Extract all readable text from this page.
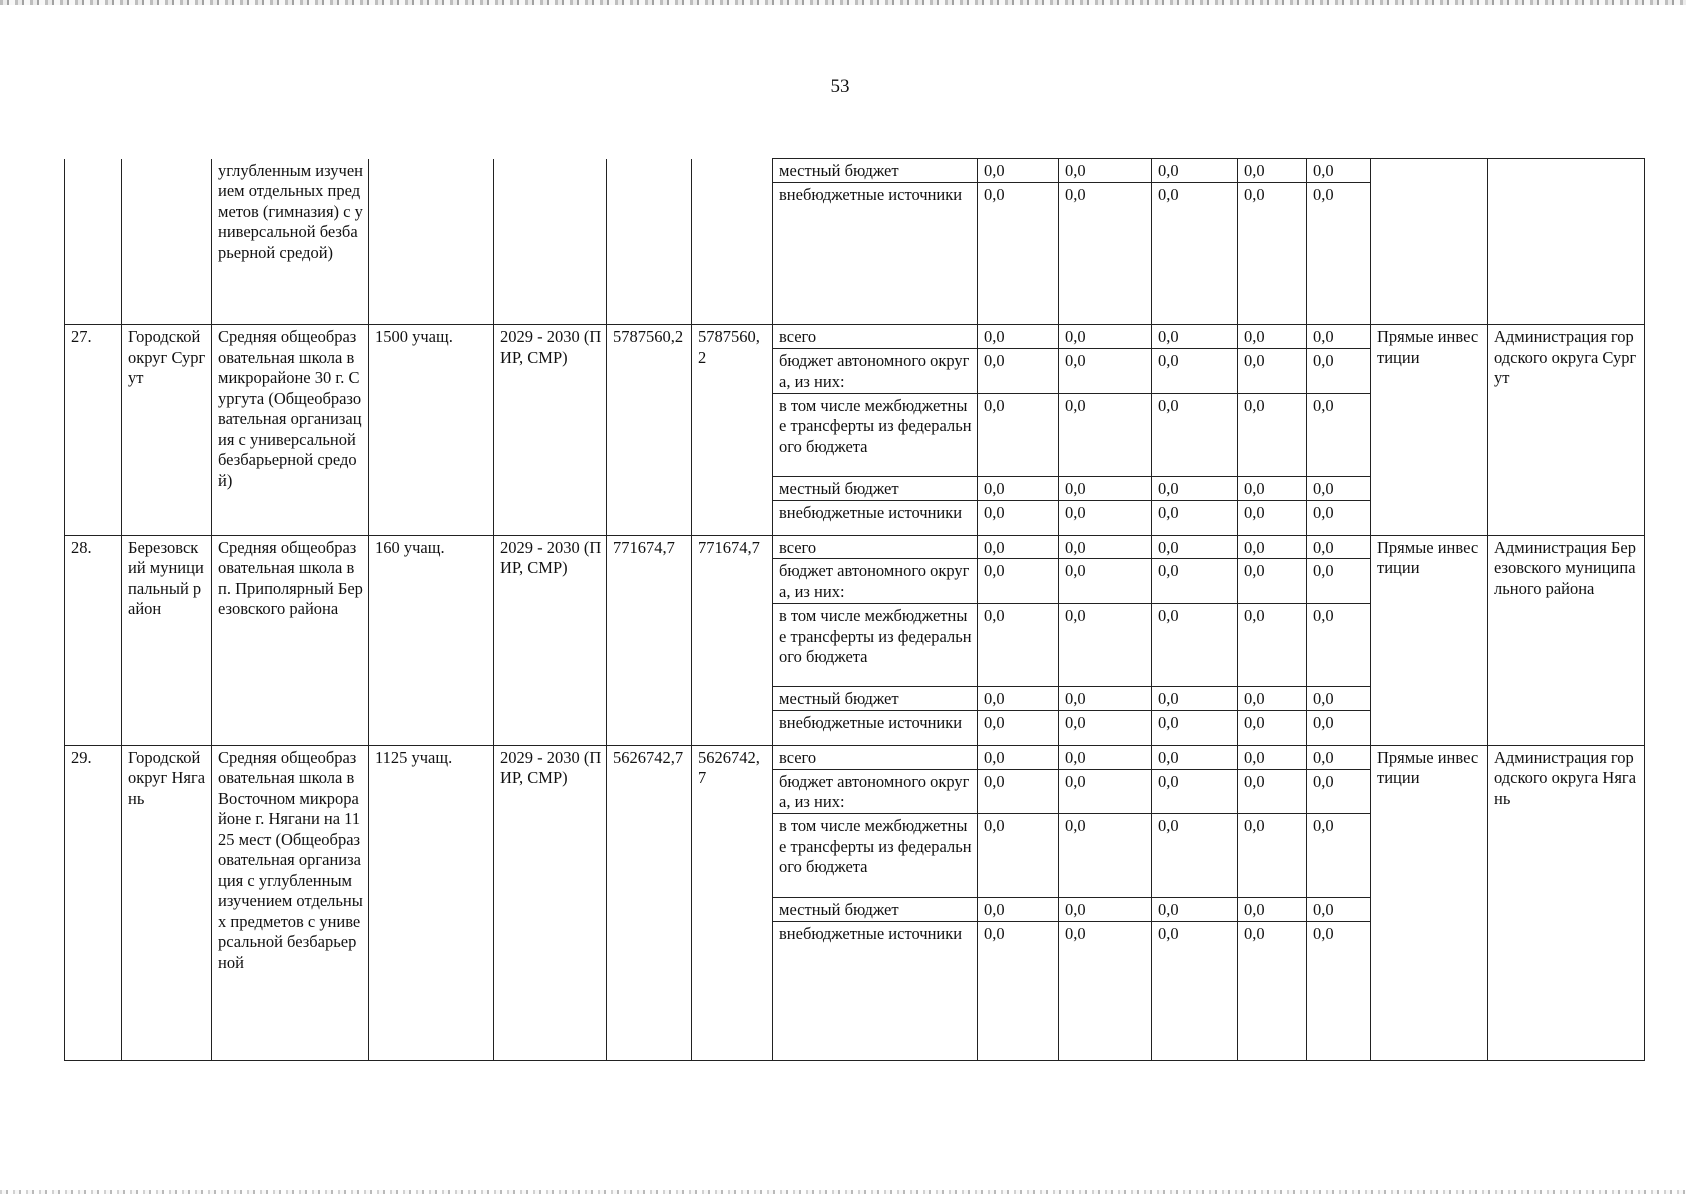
53
		углубленным изучением отдельных предметов (гимназия) с универсальной безбарьерной средой)					местный бюджет	0,0	0,0	0,0	0,0	0,0		
							внебюджетные источники	0,0	0,0	0,0	0,0	0,0		
27.	Городской округ Сургут	Средняя общеобразовательная школа в микрорайоне 30 г. Сургута (Общеобразовательная организация с универсальной безбарьерной средой)	1500 учащ.	2029 - 2030 (ПИР, СМР)	5787560,2	5787560,2	всего	0,0	0,0	0,0	0,0	0,0	Прямые инвестиции	Администрация городского округа Сургут
							бюджет автономного округа, из них:	0,0	0,0	0,0	0,0	0,0		
							в том числе межбюджетные трансферты из федерального бюджета	0,0	0,0	0,0	0,0	0,0		
							местный бюджет	0,0	0,0	0,0	0,0	0,0		
							внебюджетные источники	0,0	0,0	0,0	0,0	0,0		
28.	Березовский муниципальный район	Средняя общеобразовательная школа в п. Приполярный Березовского района	160 учащ.	2029 - 2030 (ПИР, СМР)	771674,7	771674,7	всего	0,0	0,0	0,0	0,0	0,0	Прямые инвестиции	Администрация Березовского муниципального района
							бюджет автономного округа, из них:	0,0	0,0	0,0	0,0	0,0		
							в том числе межбюджетные трансферты из федерального бюджета	0,0	0,0	0,0	0,0	0,0		
							местный бюджет	0,0	0,0	0,0	0,0	0,0		
							внебюджетные источники	0,0	0,0	0,0	0,0	0,0		
29.	Городской округ Нягань	Средняя общеобразовательная школа в Восточном микрорайоне г. Нягани на 1125 мест (Общеобразовательная организация с углубленным изучением отдельных предметов с универсальной безбарьерной	1125 учащ.	2029 - 2030 (ПИР, СМР)	5626742,7	5626742,7	всего	0,0	0,0	0,0	0,0	0,0	Прямые инвестиции	Администрация городского округа Нягань
							бюджет автономного округа, из них:	0,0	0,0	0,0	0,0	0,0		
							в том числе межбюджетные трансферты из федерального бюджета	0,0	0,0	0,0	0,0	0,0		
							местный бюджет	0,0	0,0	0,0	0,0	0,0		
							внебюджетные источники	0,0	0,0	0,0	0,0	0,0		
